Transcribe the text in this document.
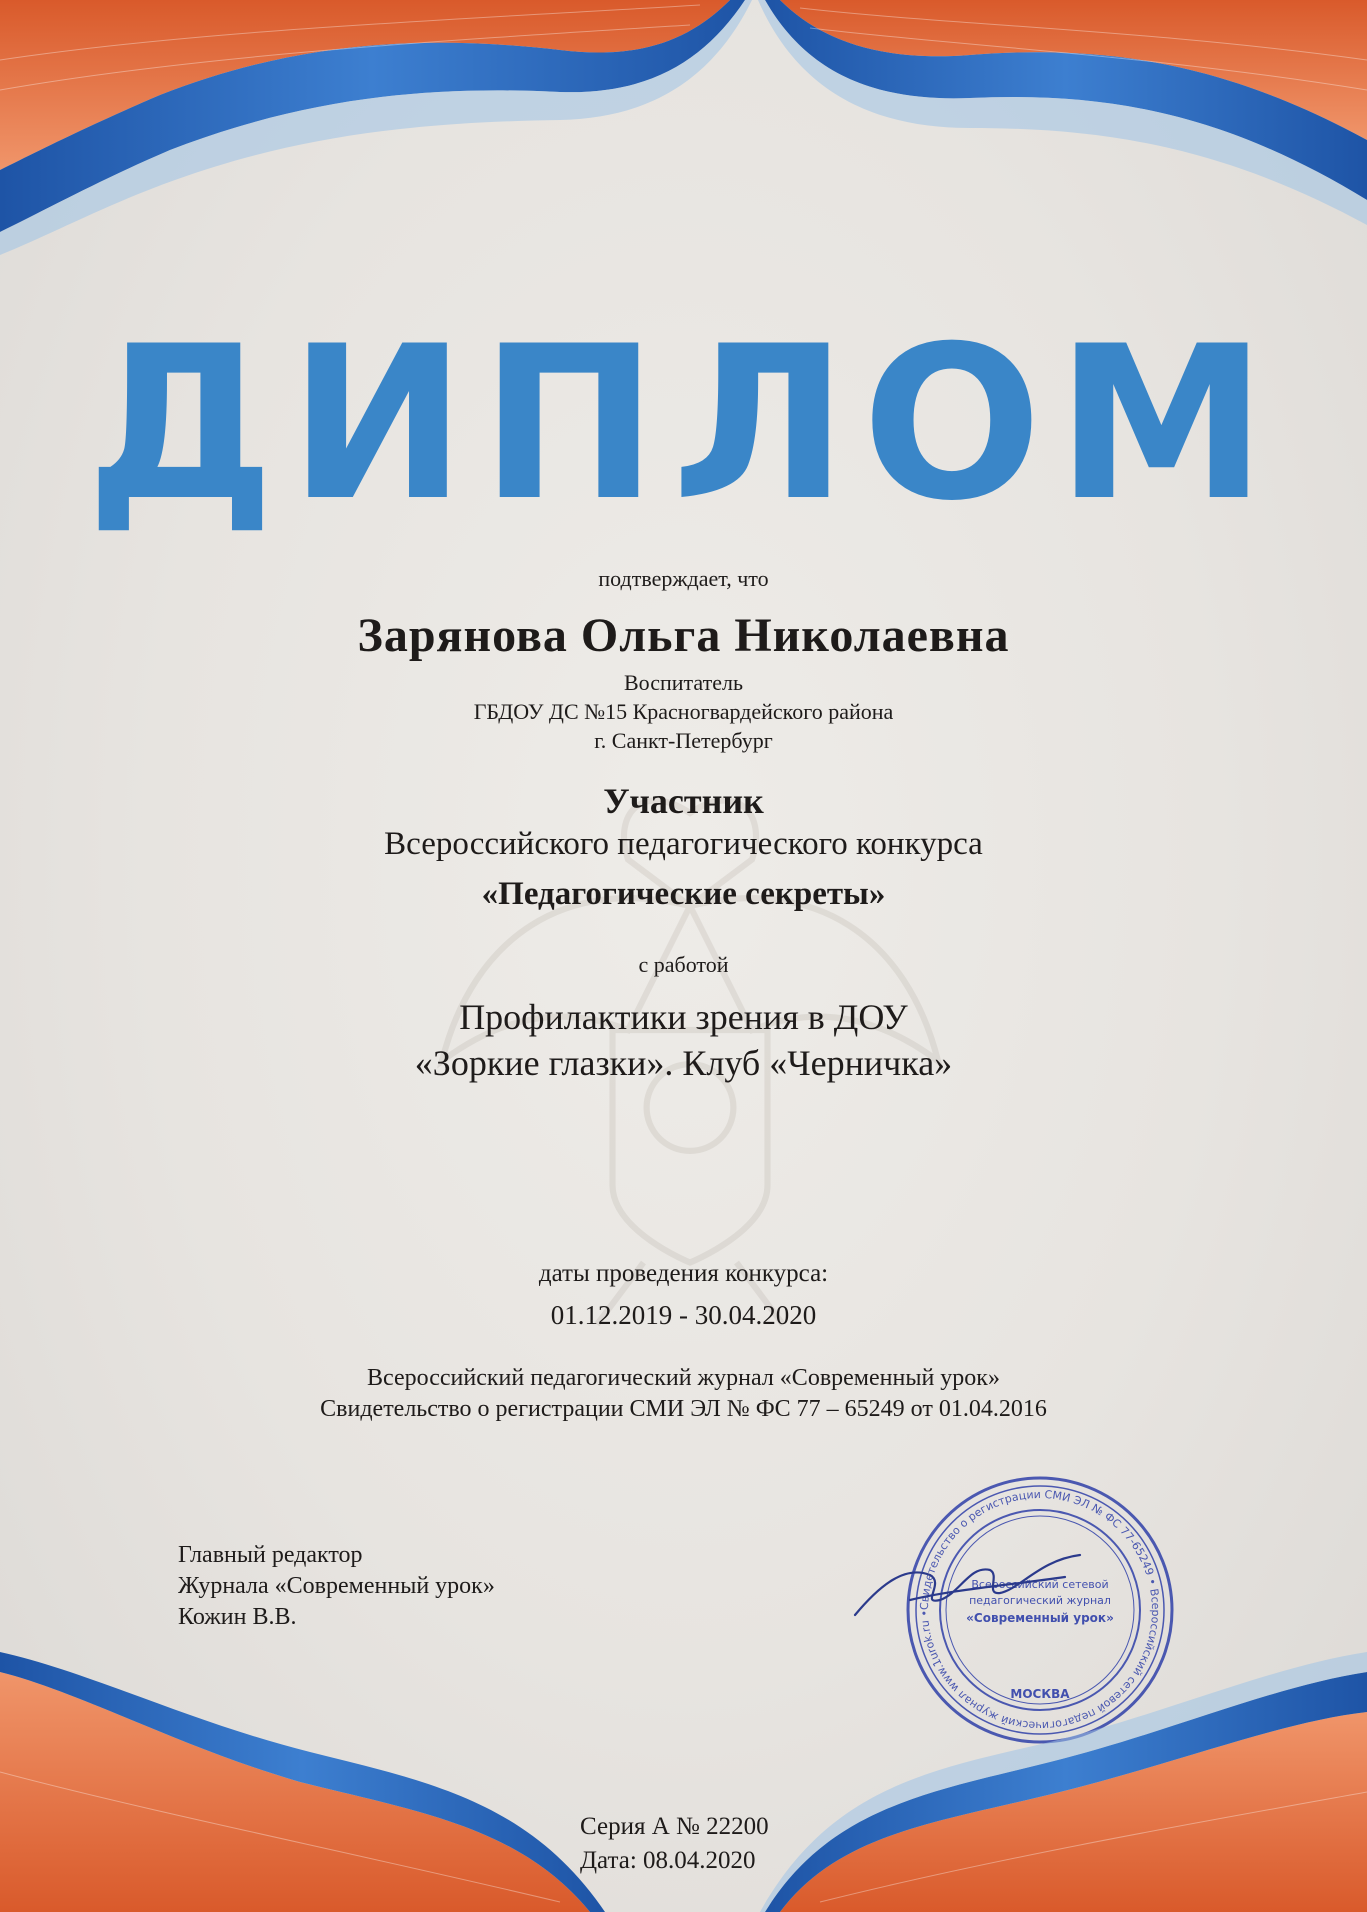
ДИПЛОМ
подтверждает, что
Зарянова Ольга Николаевна
Воспитатель
ГБДОУ ДС №15 Красногвардейского района
г. Санкт-Петербург
Участник
Всероссийского педагогического конкурса
«Педагогические секреты»
с работой
Профилактики зрения в ДОУ
«Зоркие глазки». Клуб «Черничка»
даты проведения конкурса:
01.12.2019 - 30.04.2020
Всероссийский педагогический журнал «Современный урок»
Свидетельство о регистрации СМИ ЭЛ № ФС 77 – 65249 от 01.04.2016
Главный редактор
Журнала «Современный урок»
Кожин В.В.	Свидетельство о регистрации СМИ ЭЛ № ФС 77-65249 • Всероссийский сетевой педагогический журнал www.1urok.ru •
Всероссийский сетевой
педагогический журнал
«Современный урок»
МОСКВА
Серия А № 22200
Дата: 08.04.2020
